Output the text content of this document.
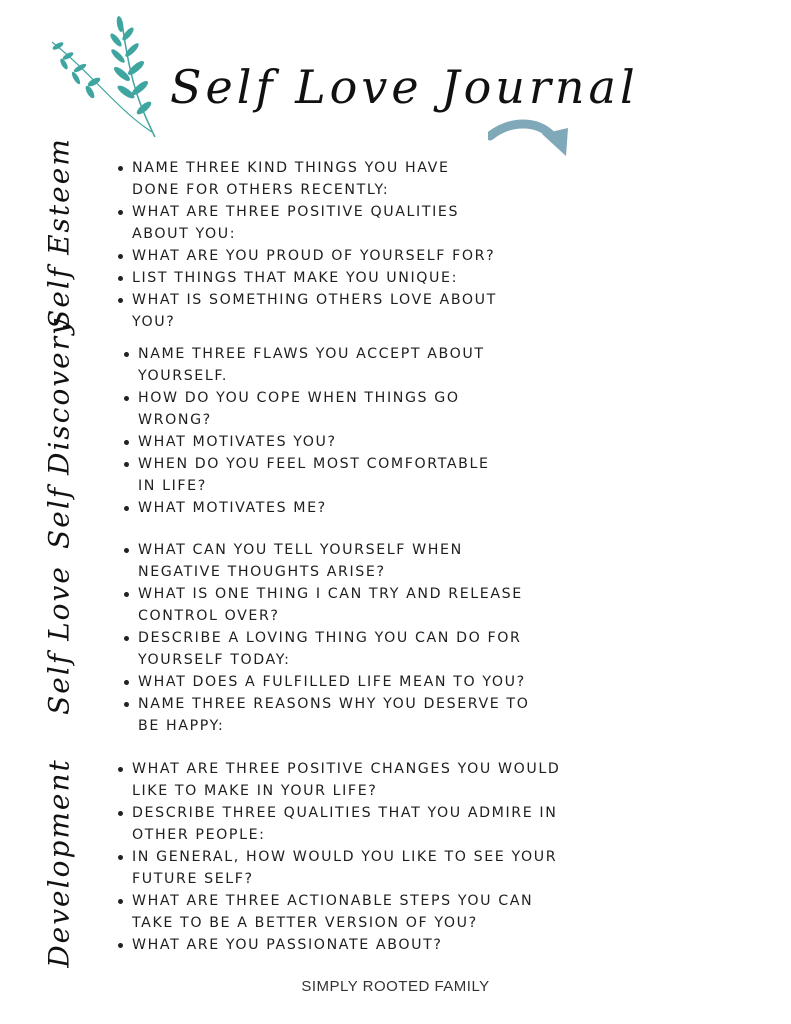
Self Love Journal
Self Esteem	NAME THREE KIND THINGS YOU HAVE DONE FOR OTHERS RECENTLY:
WHAT ARE THREE POSITIVE QUALITIES ABOUT YOU:
WHAT ARE YOU PROUD OF YOURSELF FOR?
LIST THINGS THAT MAKE YOU UNIQUE:
WHAT IS SOMETHING OTHERS LOVE ABOUT YOU?
Self Discovery	NAME THREE FLAWS YOU ACCEPT ABOUT YOURSELF.
HOW DO YOU COPE WHEN THINGS GO WRONG?
WHAT MOTIVATES YOU?
WHEN DO YOU FEEL MOST COMFORTABLE IN LIFE?
WHAT MOTIVATES ME?
Self Love
WHAT CAN YOU TELL YOURSELF WHEN NEGATIVE THOUGHTS ARISE?
WHAT IS ONE THING I CAN TRY AND RELEASE CONTROL OVER?
DESCRIBE A LOVING THING YOU CAN DO FOR YOURSELF TODAY:
WHAT DOES A FULFILLED LIFE MEAN TO YOU?
NAME THREE REASONS WHY YOU DESERVE TO BE HAPPY:
Development	WHAT ARE THREE POSITIVE CHANGES YOU WOULD LIKE TO MAKE IN YOUR LIFE?
DESCRIBE THREE QUALITIES THAT YOU ADMIRE IN OTHER PEOPLE:
IN GENERAL, HOW WOULD YOU LIKE TO SEE YOUR FUTURE SELF?
WHAT ARE THREE ACTIONABLE STEPS YOU CAN TAKE TO BE A BETTER VERSION OF YOU?
WHAT ARE YOU PASSIONATE ABOUT?
SIMPLY ROOTED FAMILY
